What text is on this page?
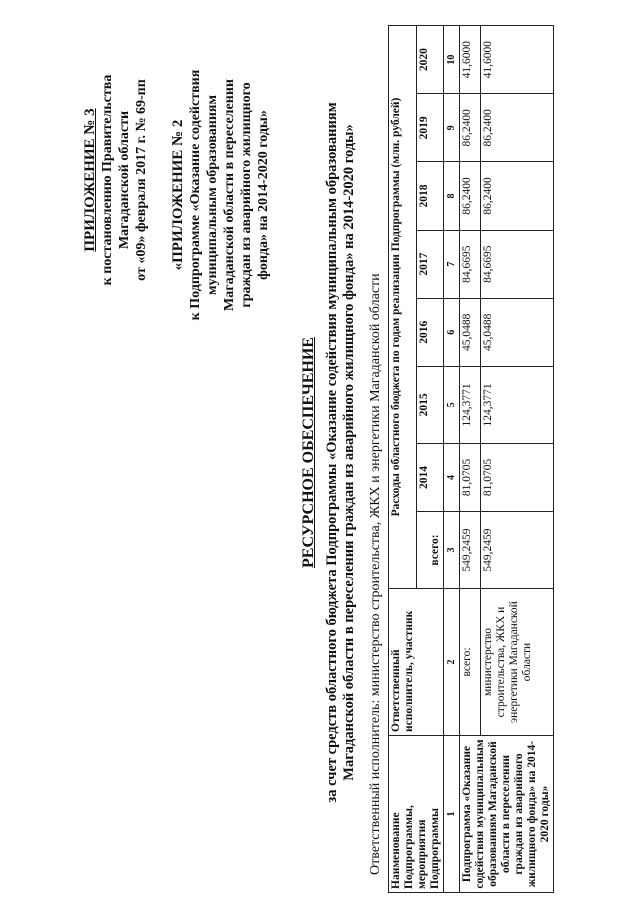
ПРИЛОЖЕНИЕ № 3 к постановлению Правительства Магаданской области от «09» февраля 2017 г. № 69-пп «ПРИЛОЖЕНИЕ № 2 к Подпрограмме «Оказание содействия муниципальным образованиям Магаданской области в переселении граждан из аварийного жилищного фонда» на 2014-2020 годы»
РЕСУРСНОЕ ОБЕСПЕЧЕНИЕ за счет средств областного бюджета Подпрограммы «Оказание содействия муниципальным образованиям Магаданской области в переселении граждан из аварийного жилищного фонда» на 2014-2020 годы» Ответственный исполнитель: министерство строительства, ЖКХ и энергетики Магаданской области Наименование Подпрограммы, мероприятия Подпрограммы	Ответственный исполнитель, участник	Расходы областного бюджета по годам реализации Подпрограммы (млн. рублей)							
		всего:	2014	2015	2016	2017	2018	2019	2020
1	2	3	4	5	6	7	8	9	10
Подпрограмма «Оказание содействия муниципальным образованиям Магаданской области в переселении граждан из аварийного жилищного фонда» на 2014-2020 годы»	всего:	549,2459	81,0705	124,3771	45,0488	84,6695	86,2400	86,2400	41,6000
	министерство строительства, ЖКХ и энергетики Магаданской области	549,2459	81,0705	124,3771	45,0488	84,6695	86,2400	86,2400	41,6000
